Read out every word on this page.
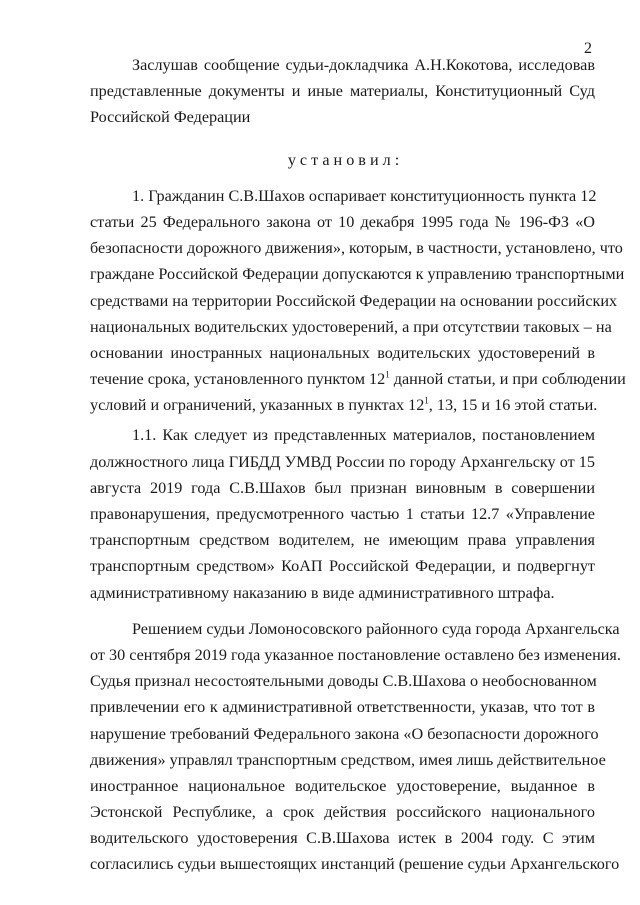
2
Заслушав сообщение судьи-докладчика А.Н.Кокотова, исследовав
представленные документы и иные материалы, Конституционный Суд
Российской Федерации
установил:
1. Гражданин С.В.Шахов оспаривает конституционность пункта 12
статьи 25 Федерального закона от 10 декабря 1995 года № 196-ФЗ «О
безопасности дорожного движения», которым, в частности, установлено, что
граждане Российской Федерации допускаются к управлению транспортными
средствами на территории Российской Федерации на основании российских
национальных водительских удостоверений, а при отсутствии таковых – на
основании иностранных национальных водительских удостоверений в
течение срока, установленного пунктом $12^1$ данной статьи, и при соблюдении
условий и ограничений, указанных в пунктах $12^1$, 13, 15 и 16 этой статьи.
1.1. Как следует из представленных материалов, постановлением
должностного лица ГИБДД УМВД России по городу Архангельску от 15
августа 2019 года С.В.Шахов был признан виновным в совершении
правонарушения, предусмотренного частью 1 статьи 12.7 «Управление
транспортным средством водителем, не имеющим права управления
транспортным средством» КоАП Российской Федерации, и подвергнут
административному наказанию в виде административного штрафа.
Решением судьи Ломоносовского районного суда города Архангельска
от 30 сентября 2019 года указанное постановление оставлено без изменения.
Судья признал несостоятельными доводы С.В.Шахова о необоснованном
привлечении его к административной ответственности, указав, что тот в
нарушение требований Федерального закона «О безопасности дорожного
движения» управлял транспортным средством, имея лишь действительное
иностранное национальное водительское удостоверение, выданное в
Эстонской Республике, а срок действия российского национального
водительского удостоверения С.В.Шахова истек в 2004 году. С этим
согласились судьи вышестоящих инстанций (решение судьи Архангельского
